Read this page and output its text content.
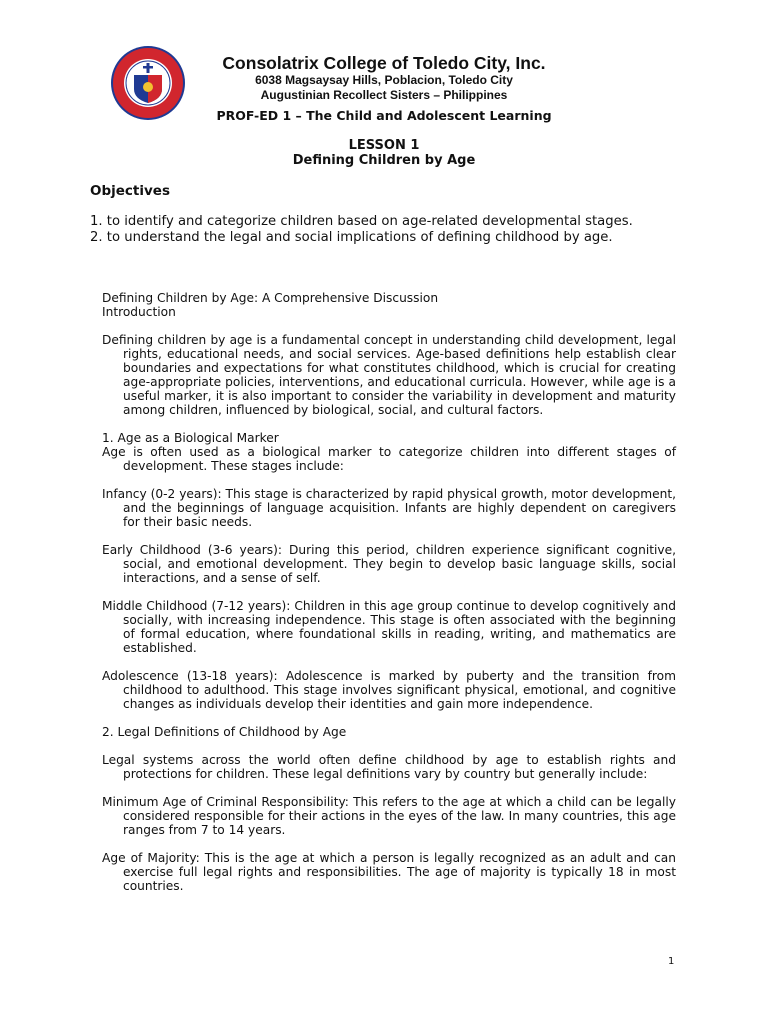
Consolatrix College of Toledo City, Inc.
6038 Magsaysay Hills, Poblacion, Toledo City
Augustinian Recollect Sisters – Philippines
PROF-ED 1 – The Child and Adolescent Learning
LESSON 1
Defining Children by Age
Objectives

1. to identify and categorize children based on age-related developmental stages.

2. to understand the legal and social implications of defining childhood by age.

Defining Children by Age: A Comprehensive Discussion

Introduction

Defining children by age is a fundamental concept in understanding child development, legal rights, educational needs, and social services. Age-based definitions help establish clear boundaries and expectations for what constitutes childhood, which is crucial for creating age-appropriate policies, interventions, and educational curricula. However, while age is a useful marker, it is also important to consider the variability in development and maturity among children, influenced by biological, social, and cultural factors.

1. Age as a Biological Marker

Age is often used as a biological marker to categorize children into different stages of development. These stages include:

Infancy (0-2 years): This stage is characterized by rapid physical growth, motor development, and the beginnings of language acquisition. Infants are highly dependent on caregivers for their basic needs.

Early Childhood (3-6 years): During this period, children experience significant cognitive, social, and emotional development. They begin to develop basic language skills, social interactions, and a sense of self.

Middle Childhood (7-12 years): Children in this age group continue to develop cognitively and socially, with increasing independence. This stage is often associated with the beginning of formal education, where foundational skills in reading, writing, and mathematics are established.

Adolescence (13-18 years): Adolescence is marked by puberty and the transition from childhood to adulthood. This stage involves significant physical, emotional, and cognitive changes as individuals develop their identities and gain more independence.

2. Legal Definitions of Childhood by Age

Legal systems across the world often define childhood by age to establish rights and protections for children. These legal definitions vary by country but generally include:

Minimum Age of Criminal Responsibility: This refers to the age at which a child can be legally considered responsible for their actions in the eyes of the law. In many countries, this age ranges from 7 to 14 years.

Age of Majority: This is the age at which a person is legally recognized as an adult and can exercise full legal rights and responsibilities. The age of majority is typically 18 in most countries.

1
